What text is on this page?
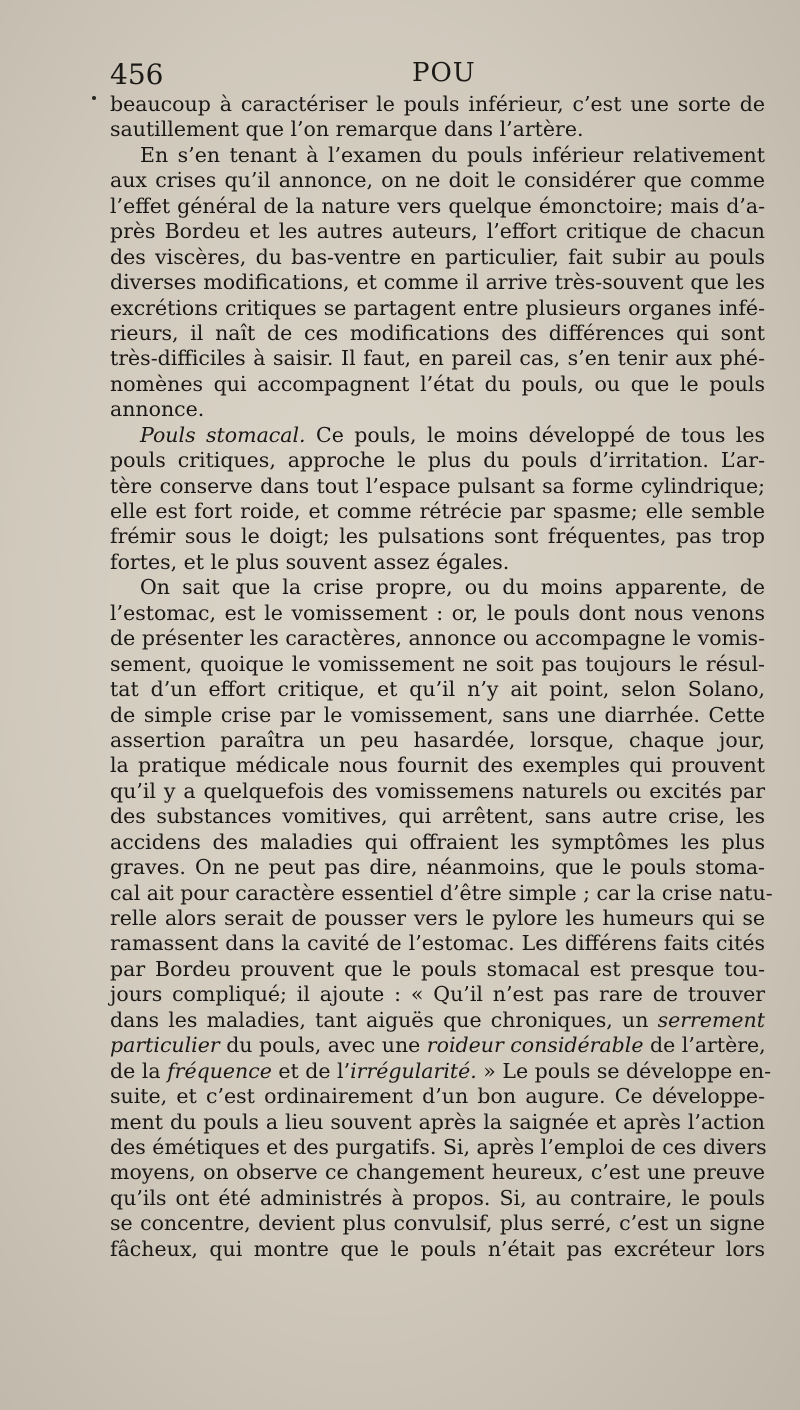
456	POU
beaucoup à caractériser le pouls inférieur, c’est une sorte de
sautillement que l’on remarque dans l’artère.
En s’en tenant à l’examen du pouls inférieur relativement
aux crises qu’il annonce, on ne doit le considérer que comme
l’effet général de la nature vers quelque émonctoire; mais d’a-
près Bordeu et les autres auteurs, l’effort critique de chacun
des viscères, du bas-ventre en particulier, fait subir au pouls
diverses modifications, et comme il arrive très-souvent que les
excrétions critiques se partagent entre plusieurs organes infé-
rieurs, il naît de ces modifications des différences qui sont
très-difficiles à saisir. Il faut, en pareil cas, s’en tenir aux phé-
nomènes qui accompagnent l’état du pouls, ou que le pouls
annonce.
Pouls stomacal. Ce pouls, le moins développé de tous les
pouls critiques, approche le plus du pouls d’irritation. L’ar-
tère conserve dans tout l’espace pulsant sa forme cylindrique;
elle est fort roide, et comme rétrécie par spasme; elle semble
frémir sous le doigt; les pulsations sont fréquentes, pas trop
fortes, et le plus souvent assez égales.
On sait que la crise propre, ou du moins apparente, de
l’estomac, est le vomissement : or, le pouls dont nous venons
de présenter les caractères, annonce ou accompagne le vomis-
sement, quoique le vomissement ne soit pas toujours le résul-
tat d’un effort critique, et qu’il n’y ait point, selon Solano,
de simple crise par le vomissement, sans une diarrhée. Cette
assertion paraîtra un peu hasardée, lorsque, chaque jour,
la pratique médicale nous fournit des exemples qui prouvent
qu’il y a quelquefois des vomissemens naturels ou excités par
des substances vomitives, qui arrêtent, sans autre crise, les
accidens des maladies qui offraient les symptômes les plus
graves. On ne peut pas dire, néanmoins, que le pouls stoma-
cal ait pour caractère essentiel d’être simple ; car la crise natu-
relle alors serait de pousser vers le pylore les humeurs qui se
ramassent dans la cavité de l’estomac. Les différens faits cités
par Bordeu prouvent que le pouls stomacal est presque tou-
jours compliqué; il ajoute : « Qu’il n’est pas rare de trouver
dans les maladies, tant aiguës que chroniques, un serrement
particulier du pouls, avec une roideur considérable de l’artère,
de la fréquence et de l’irrégularité. » Le pouls se développe en-
suite, et c’est ordinairement d’un bon augure. Ce développe-
ment du pouls a lieu souvent après la saignée et après l’action
des émétiques et des purgatifs. Si, après l’emploi de ces divers
moyens, on observe ce changement heureux, c’est une preuve
qu’ils ont été administrés à propos. Si, au contraire, le pouls
se concentre, devient plus convulsif, plus serré, c’est un signe
fâcheux, qui montre que le pouls n’était pas excréteur lors
